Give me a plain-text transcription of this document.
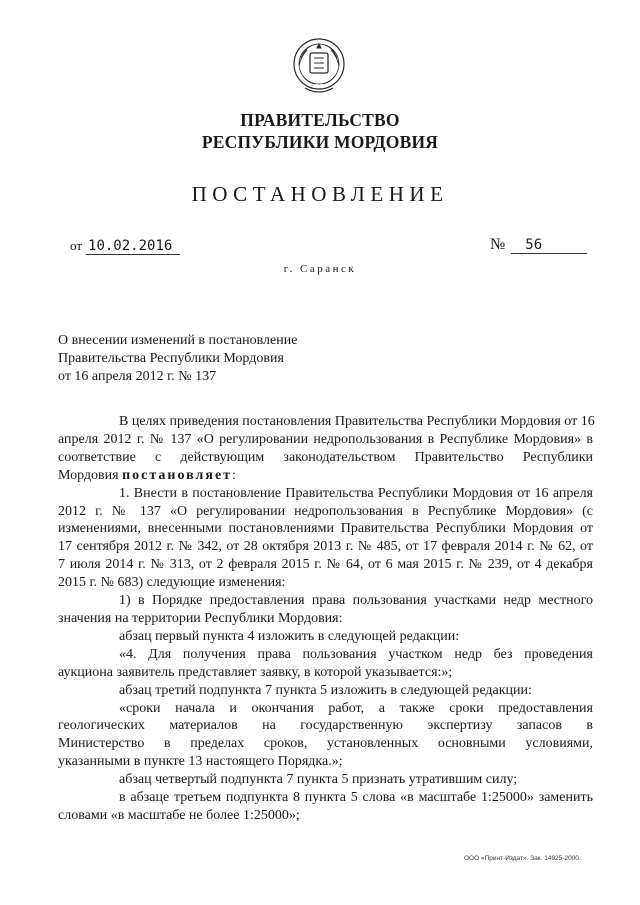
ПРАВИТЕЛЬСТВО
РЕСПУБЛИКИ МОРДОВИЯ
ПОСТАНОВЛЕНИЕ
от 10.02.2016	№ 56
г. Саранск
О внесении изменений в постановление
Правительства Республики Мордовия
от 16 апреля 2012 г. № 137

В целях приведения постановления Правительства Республики Мордовия от 16
апреля 2012 г. № 137 «О регулировании недропользования в Республике Мордовия» в
соответствие с действующим законодательством Правительство Республики
Мордовия постановляет:

1. Внести в постановление Правительства Республики Мордовия от 16 апреля
2012 г. № 137 «О регулировании недропользования в Республике Мордовия» (с
изменениями, внесенными постановлениями Правительства Республики Мордовия от
17 сентября 2012 г. № 342, от 28 октября 2013 г. № 485, от 17 февраля 2014 г. № 62, от
7 июля 2014 г. № 313, от 2 февраля 2015 г. № 64, от 6 мая 2015 г. № 239, от 4 декабря
2015 г. № 683) следующие изменения:

1) в Порядке предоставления права пользования участками недр местного
значения на территории Республики Мордовия:

абзац первый пункта 4 изложить в следующей редакции:

«4. Для получения права пользования участком недр без проведения
аукциона заявитель представляет заявку, в которой указывается:»;

абзац третий подпункта 7 пункта 5 изложить в следующей редакции:

«сроки начала и окончания работ, а также сроки предоставления
геологических материалов на государственную экспертизу запасов в
Министерство в пределах сроков, установленных основными условиями,
указанными в пункте 13 настоящего Порядка.»;

абзац четвертый подпункта 7 пункта 5 признать утратившим силу;

в абзаце третьем подпункта 8 пункта 5 слова «в масштабе 1:25000» заменить
словами «в масштабе не более 1:25000»;

ООО «Принт-Издат». Зак. 14925-2000.
